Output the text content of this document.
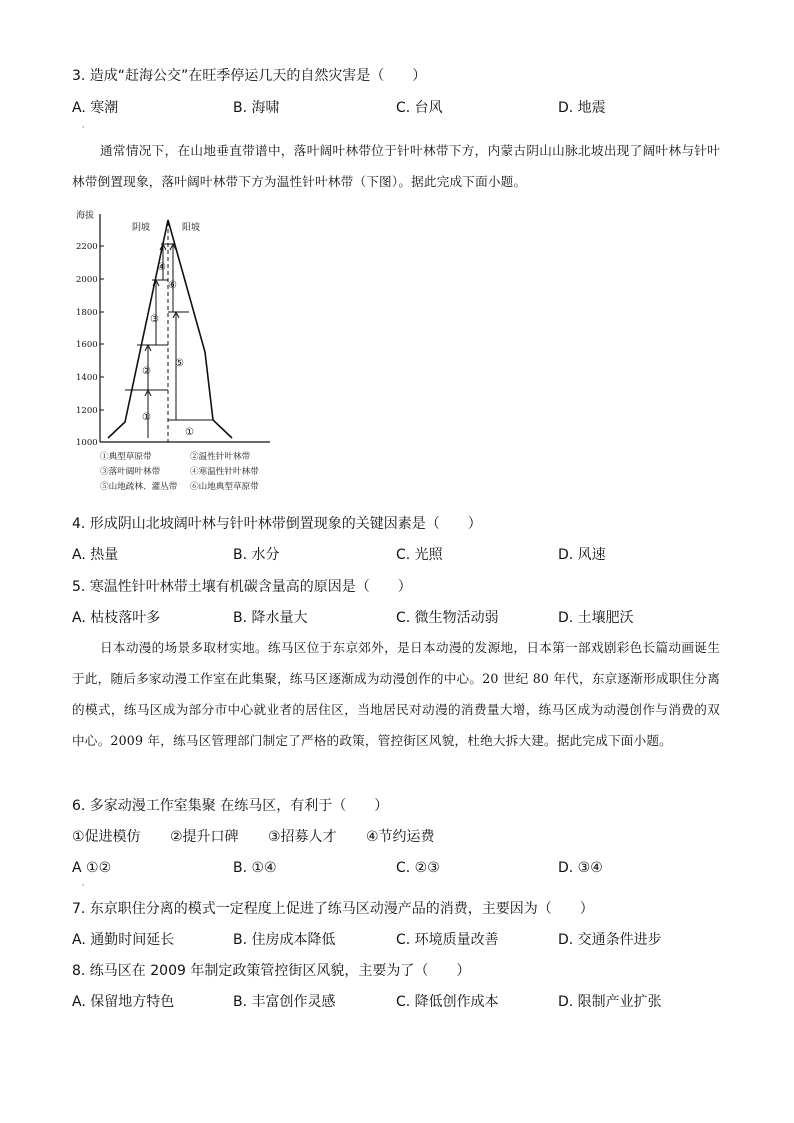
3. 造成“赶海公交”在旺季停运几天的自然灾害是（　　）
A. 寒潮	B. 海啸	C. 台风	D. 地震
ˌ
通常情况下，在山地垂直带谱中，落叶阔叶林带位于针叶林带下方，内蒙古阴山山脉北坡出现了阔叶林与针叶林带倒置现象，落叶阔叶林带下方为温性针叶林带（下图）。据此完成下面小题。
海拔
2200
2000
1800
1600
1400
1200
1000
阴坡	阳坡
①
②
③
④
⑥
⑤
①
①典型草原带	②温性针叶林带
③落叶阔叶林带	④寒温性针叶林带
⑤山地疏林、灌丛带 ⑥山地典型草原带
4. 形成阴山北坡阔叶林与针叶林带倒置现象的关键因素是（　　）
A. 热量	B. 水分	C. 光照	D. 风速
5. 寒温性针叶林带土壤有机碳含量高的原因是（　　）
A. 枯枝落叶多	B. 降水量大	C. 微生物活动弱	D. 土壤肥沃
日本动漫的场景多取材实地。练马区位于东京郊外，是日本动漫的发源地，日本第一部戏剧彩色长篇动画诞生于此，随后多家动漫工作室在此集聚，练马区逐渐成为动漫创作的中心。20 世纪 80 年代，东京逐渐形成职住分离的模式，练马区成为部分市中心就业者的居住区，当地居民对动漫的消费量大增，练马区成为动漫创作与消费的双中心。2009 年，练马区管理部门制定了严格的政策，管控街区风貌，杜绝大拆大建。据此完成下面小题。
6. 多家动漫工作室集聚 在练马区，有利于（　　）
①促进模仿 ②提升口碑 ③招募人才 ④节约运费
A ①②	B. ①④	C. ②③	D. ③④
ˌ
7. 东京职住分离的模式一定程度上促进了练马区动漫产品的消费，主要因为（　　）
A. 通勤时间延长	B. 住房成本降低	C. 环境质量改善	D. 交通条件进步
8. 练马区在 2009 年制定政策管控街区风貌，主要为了（　　）
A. 保留地方特色	B. 丰富创作灵感	C. 降低创作成本	D. 限制产业扩张
